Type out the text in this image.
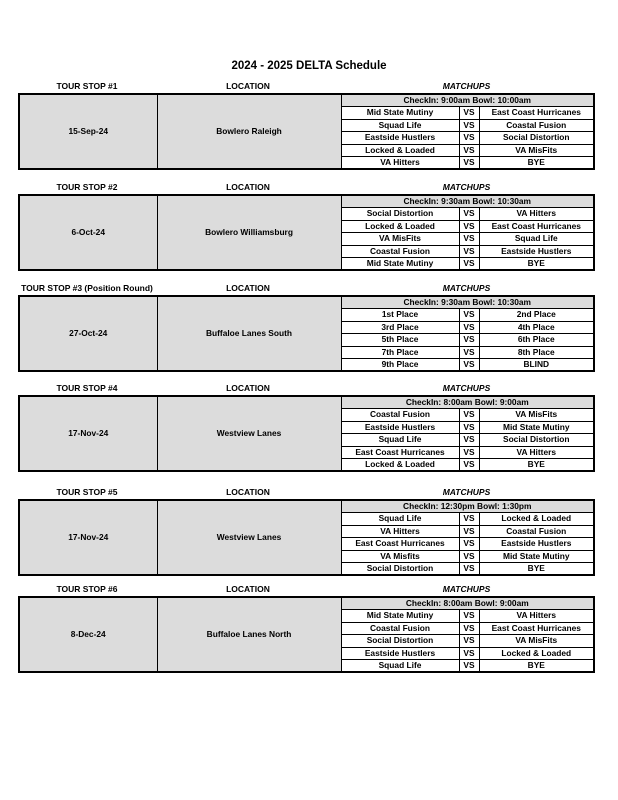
2024 - 2025 DELTA Schedule
TOUR STOP #1	LOCATION	MATCHUPS
15-Sep-24	Bowlero Raleigh	CheckIn: 9:00am Bowl: 10:00am		
		Mid State Mutiny	VS	East Coast Hurricanes
		Squad Life	VS	Coastal Fusion
		Eastside Hustlers	VS	Social Distortion
		Locked & Loaded	VS	VA MisFits
		VA Hitters	VS	BYE
TOUR STOP #2	LOCATION	MATCHUPS
6-Oct-24	Bowlero Williamsburg	CheckIn: 9:30am Bowl: 10:30am		
		Social Distortion	VS	VA Hitters
		Locked & Loaded	VS	East Coast Hurricanes
		VA MisFits	VS	Squad Life
		Coastal Fusion	VS	Eastside Hustlers
		Mid State Mutiny	VS	BYE
TOUR STOP #3 (Position Round)	LOCATION	MATCHUPS
27-Oct-24	Buffaloe Lanes South	CheckIn: 9:30am Bowl: 10:30am		
		1st Place	VS	2nd Place
		3rd Place	VS	4th Place
		5th Place	VS	6th Place
		7th Place	VS	8th Place
		9th Place	VS	BLIND
TOUR STOP #4	LOCATION	MATCHUPS
17-Nov-24	Westview Lanes	CheckIn: 8:00am Bowl: 9:00am		
		Coastal Fusion	VS	VA MisFits
		Eastside Hustlers	VS	Mid State Mutiny
		Squad Life	VS	Social Distortion
		East Coast Hurricanes	VS	VA Hitters
		Locked & Loaded	VS	BYE
TOUR STOP #5	LOCATION	MATCHUPS
17-Nov-24	Westview Lanes	CheckIn: 12:30pm Bowl: 1:30pm		
		Squad Life	VS	Locked & Loaded
		VA Hitters	VS	Coastal Fusion
		East Coast Hurricanes	VS	Eastside Hustlers
		VA Misfits	VS	Mid State Mutiny
		Social Distortion	VS	BYE
TOUR STOP #6	LOCATION	MATCHUPS
8-Dec-24	Buffaloe Lanes North	CheckIn: 8:00am Bowl: 9:00am		
		Mid State Mutiny	VS	VA Hitters
		Coastal Fusion	VS	East Coast Hurricanes
		Social Distortion	VS	VA MisFits
		Eastside Hustlers	VS	Locked & Loaded
		Squad Life	VS	BYE
